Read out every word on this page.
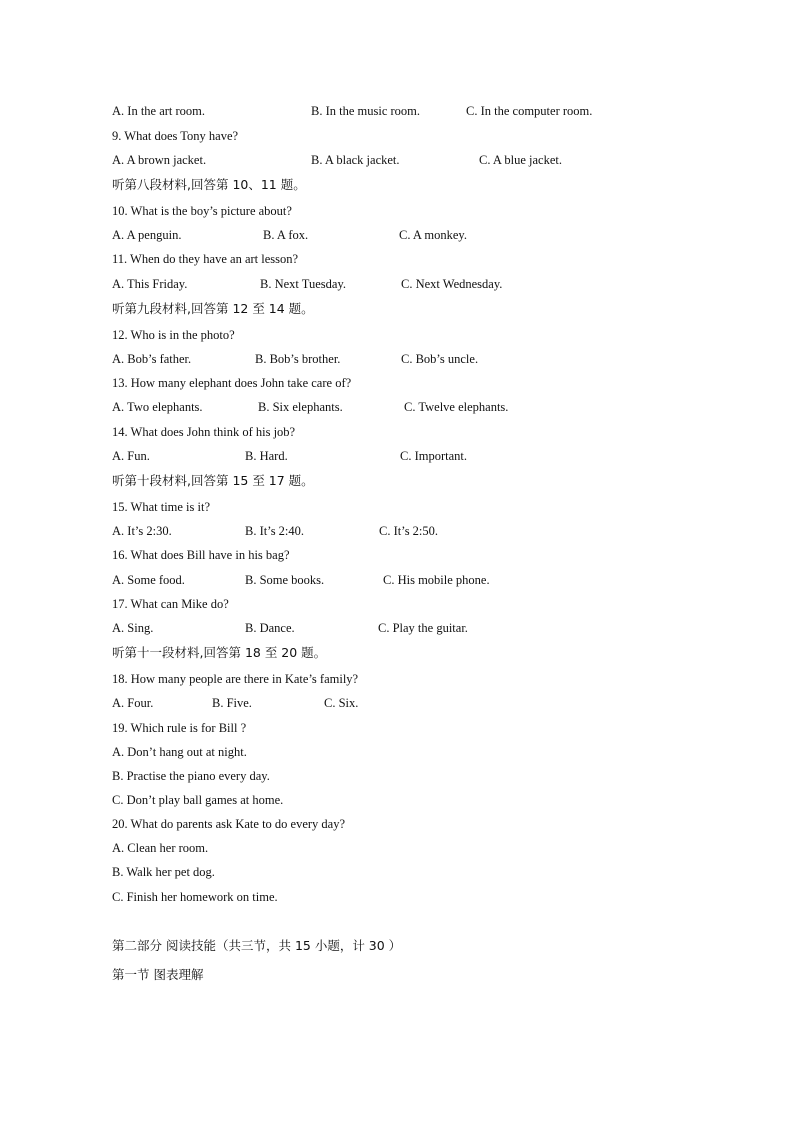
A. In the art room.	B. In the music room.	C. In the computer room.
9. What does Tony have?
A. A brown jacket.	B. A black jacket.	C. A blue jacket.
听第八段材料,回答第 10、11 题。
10. What is the boy’s picture about?
A. A penguin.	B. A fox.	C. A monkey.
11. When do they have an art lesson?
A. This Friday.	B. Next Tuesday.	C. Next Wednesday.
听第九段材料,回答第 12 至 14 题。
12. Who is in the photo?
A. Bob’s father.	B. Bob’s brother.	C. Bob’s uncle.
13. How many elephant does John take care of?
A. Two elephants.	B. Six elephants.	C. Twelve elephants.
14. What does John think of his job?
A. Fun.	B. Hard.	C. Important.
听第十段材料,回答第 15 至 17 题。
15. What time is it?
A. It’s 2:30.	B. It’s 2:40.	C. It’s 2:50.
16. What does Bill have in his bag?
A. Some food.	B. Some books.	C. His mobile phone.
17. What can Mike do?
A. Sing.	B. Dance.	C. Play the guitar.
听第十一段材料,回答第 18 至 20 题。
18. How many people are there in Kate’s family?
A. Four.	B. Five.	C. Six.
19. Which rule is for Bill ?
A. Don’t hang out at night.
B. Practise the piano every day.
C. Don’t play ball games at home.
20. What do parents ask Kate to do every day?
A. Clean her room.
B. Walk her pet dog.
C. Finish her homework on time.
第二部分 阅读技能（共三节，共 15 小题，计 30 ）
第一节 图表理解
